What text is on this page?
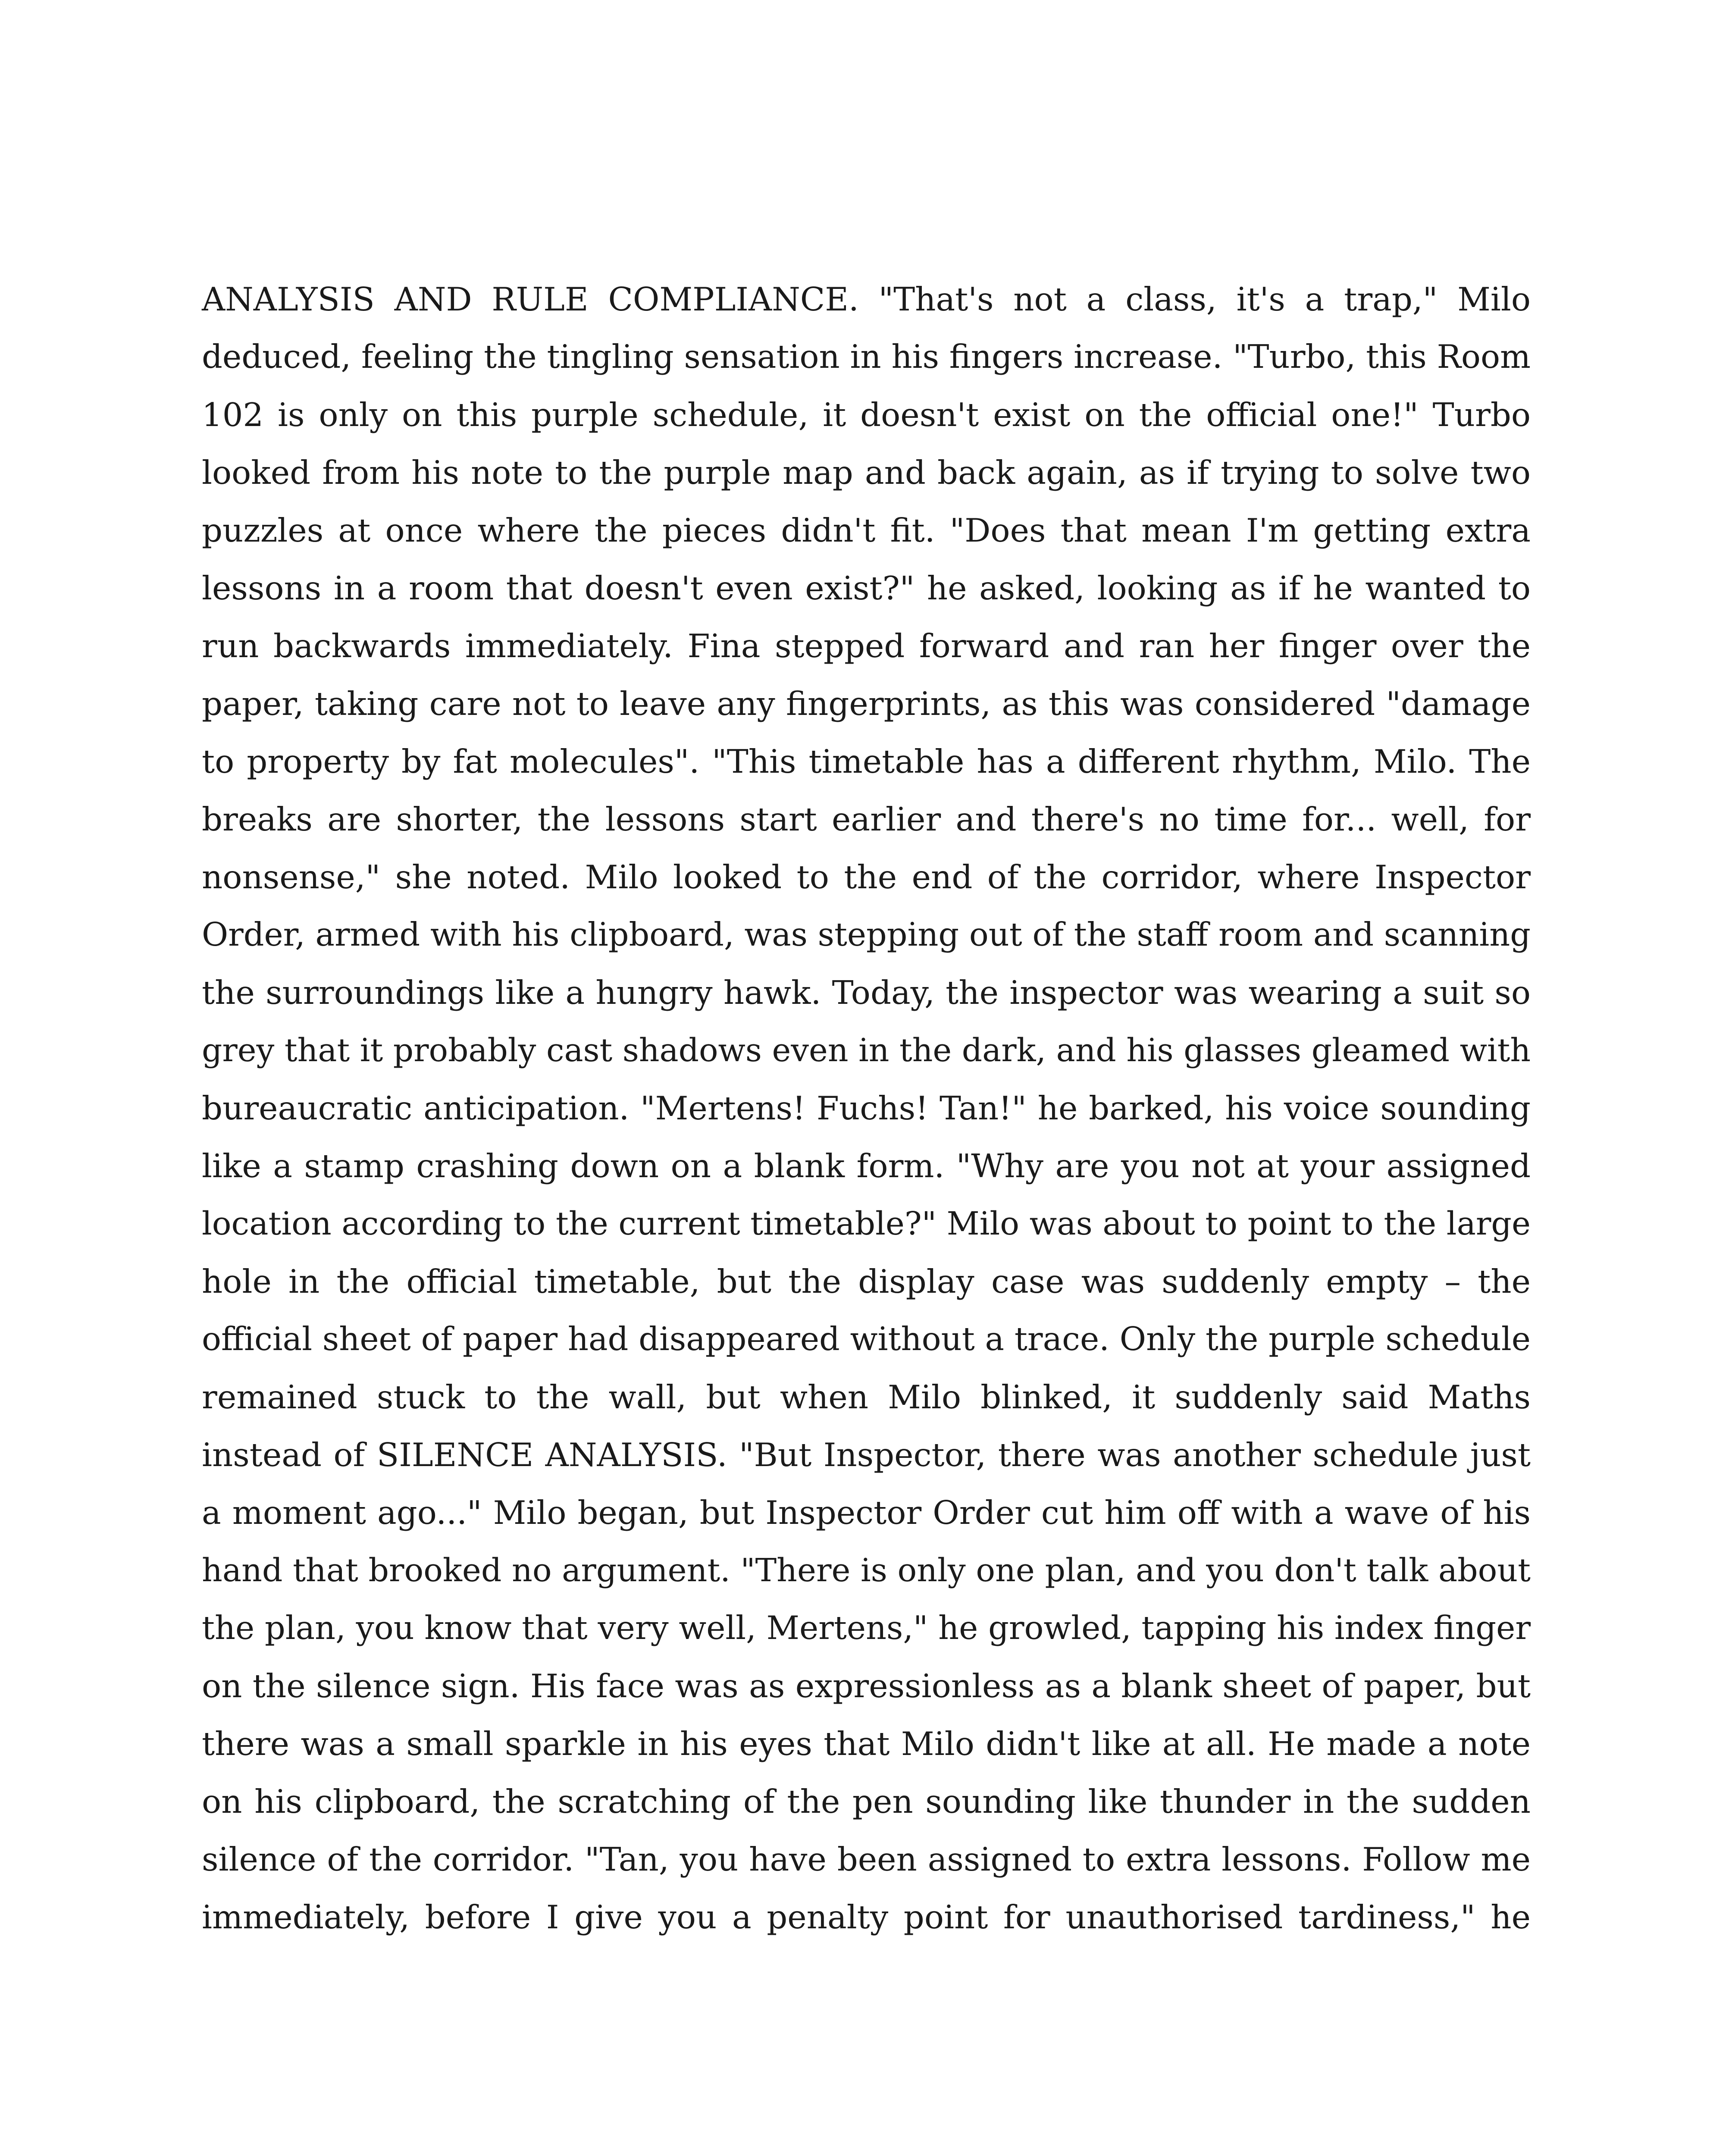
ANALYSIS AND RULE COMPLIANCE. "That's not a class, it's a trap," Milo
deduced, feeling the tingling sensation in his fingers increase. "Turbo, this Room
102 is only on this purple schedule, it doesn't exist on the official one!" Turbo
looked from his note to the purple map and back again, as if trying to solve two
puzzles at once where the pieces didn't fit. "Does that mean I'm getting extra
lessons in a room that doesn't even exist?" he asked, looking as if he wanted to
run backwards immediately. Fina stepped forward and ran her finger over the
paper, taking care not to leave any fingerprints, as this was considered "damage
to property by fat molecules". "This timetable has a different rhythm, Milo. The
breaks are shorter, the lessons start earlier and there's no time for... well, for
nonsense," she noted. Milo looked to the end of the corridor, where Inspector
Order, armed with his clipboard, was stepping out of the staff room and scanning
the surroundings like a hungry hawk. Today, the inspector was wearing a suit so
grey that it probably cast shadows even in the dark, and his glasses gleamed with
bureaucratic anticipation. "Mertens! Fuchs! Tan!" he barked, his voice sounding
like a stamp crashing down on a blank form. "Why are you not at your assigned
location according to the current timetable?" Milo was about to point to the large
hole in the official timetable, but the display case was suddenly empty – the
official sheet of paper had disappeared without a trace. Only the purple schedule
remained stuck to the wall, but when Milo blinked, it suddenly said Maths
instead of SILENCE ANALYSIS. "But Inspector, there was another schedule just
a moment ago..." Milo began, but Inspector Order cut him off with a wave of his
hand that brooked no argument. "There is only one plan, and you don't talk about
the plan, you know that very well, Mertens," he growled, tapping his index finger
on the silence sign. His face was as expressionless as a blank sheet of paper, but
there was a small sparkle in his eyes that Milo didn't like at all. He made a note
on his clipboard, the scratching of the pen sounding like thunder in the sudden
silence of the corridor. "Tan, you have been assigned to extra lessons. Follow me
immediately, before I give you a penalty point for unauthorised tardiness," he
